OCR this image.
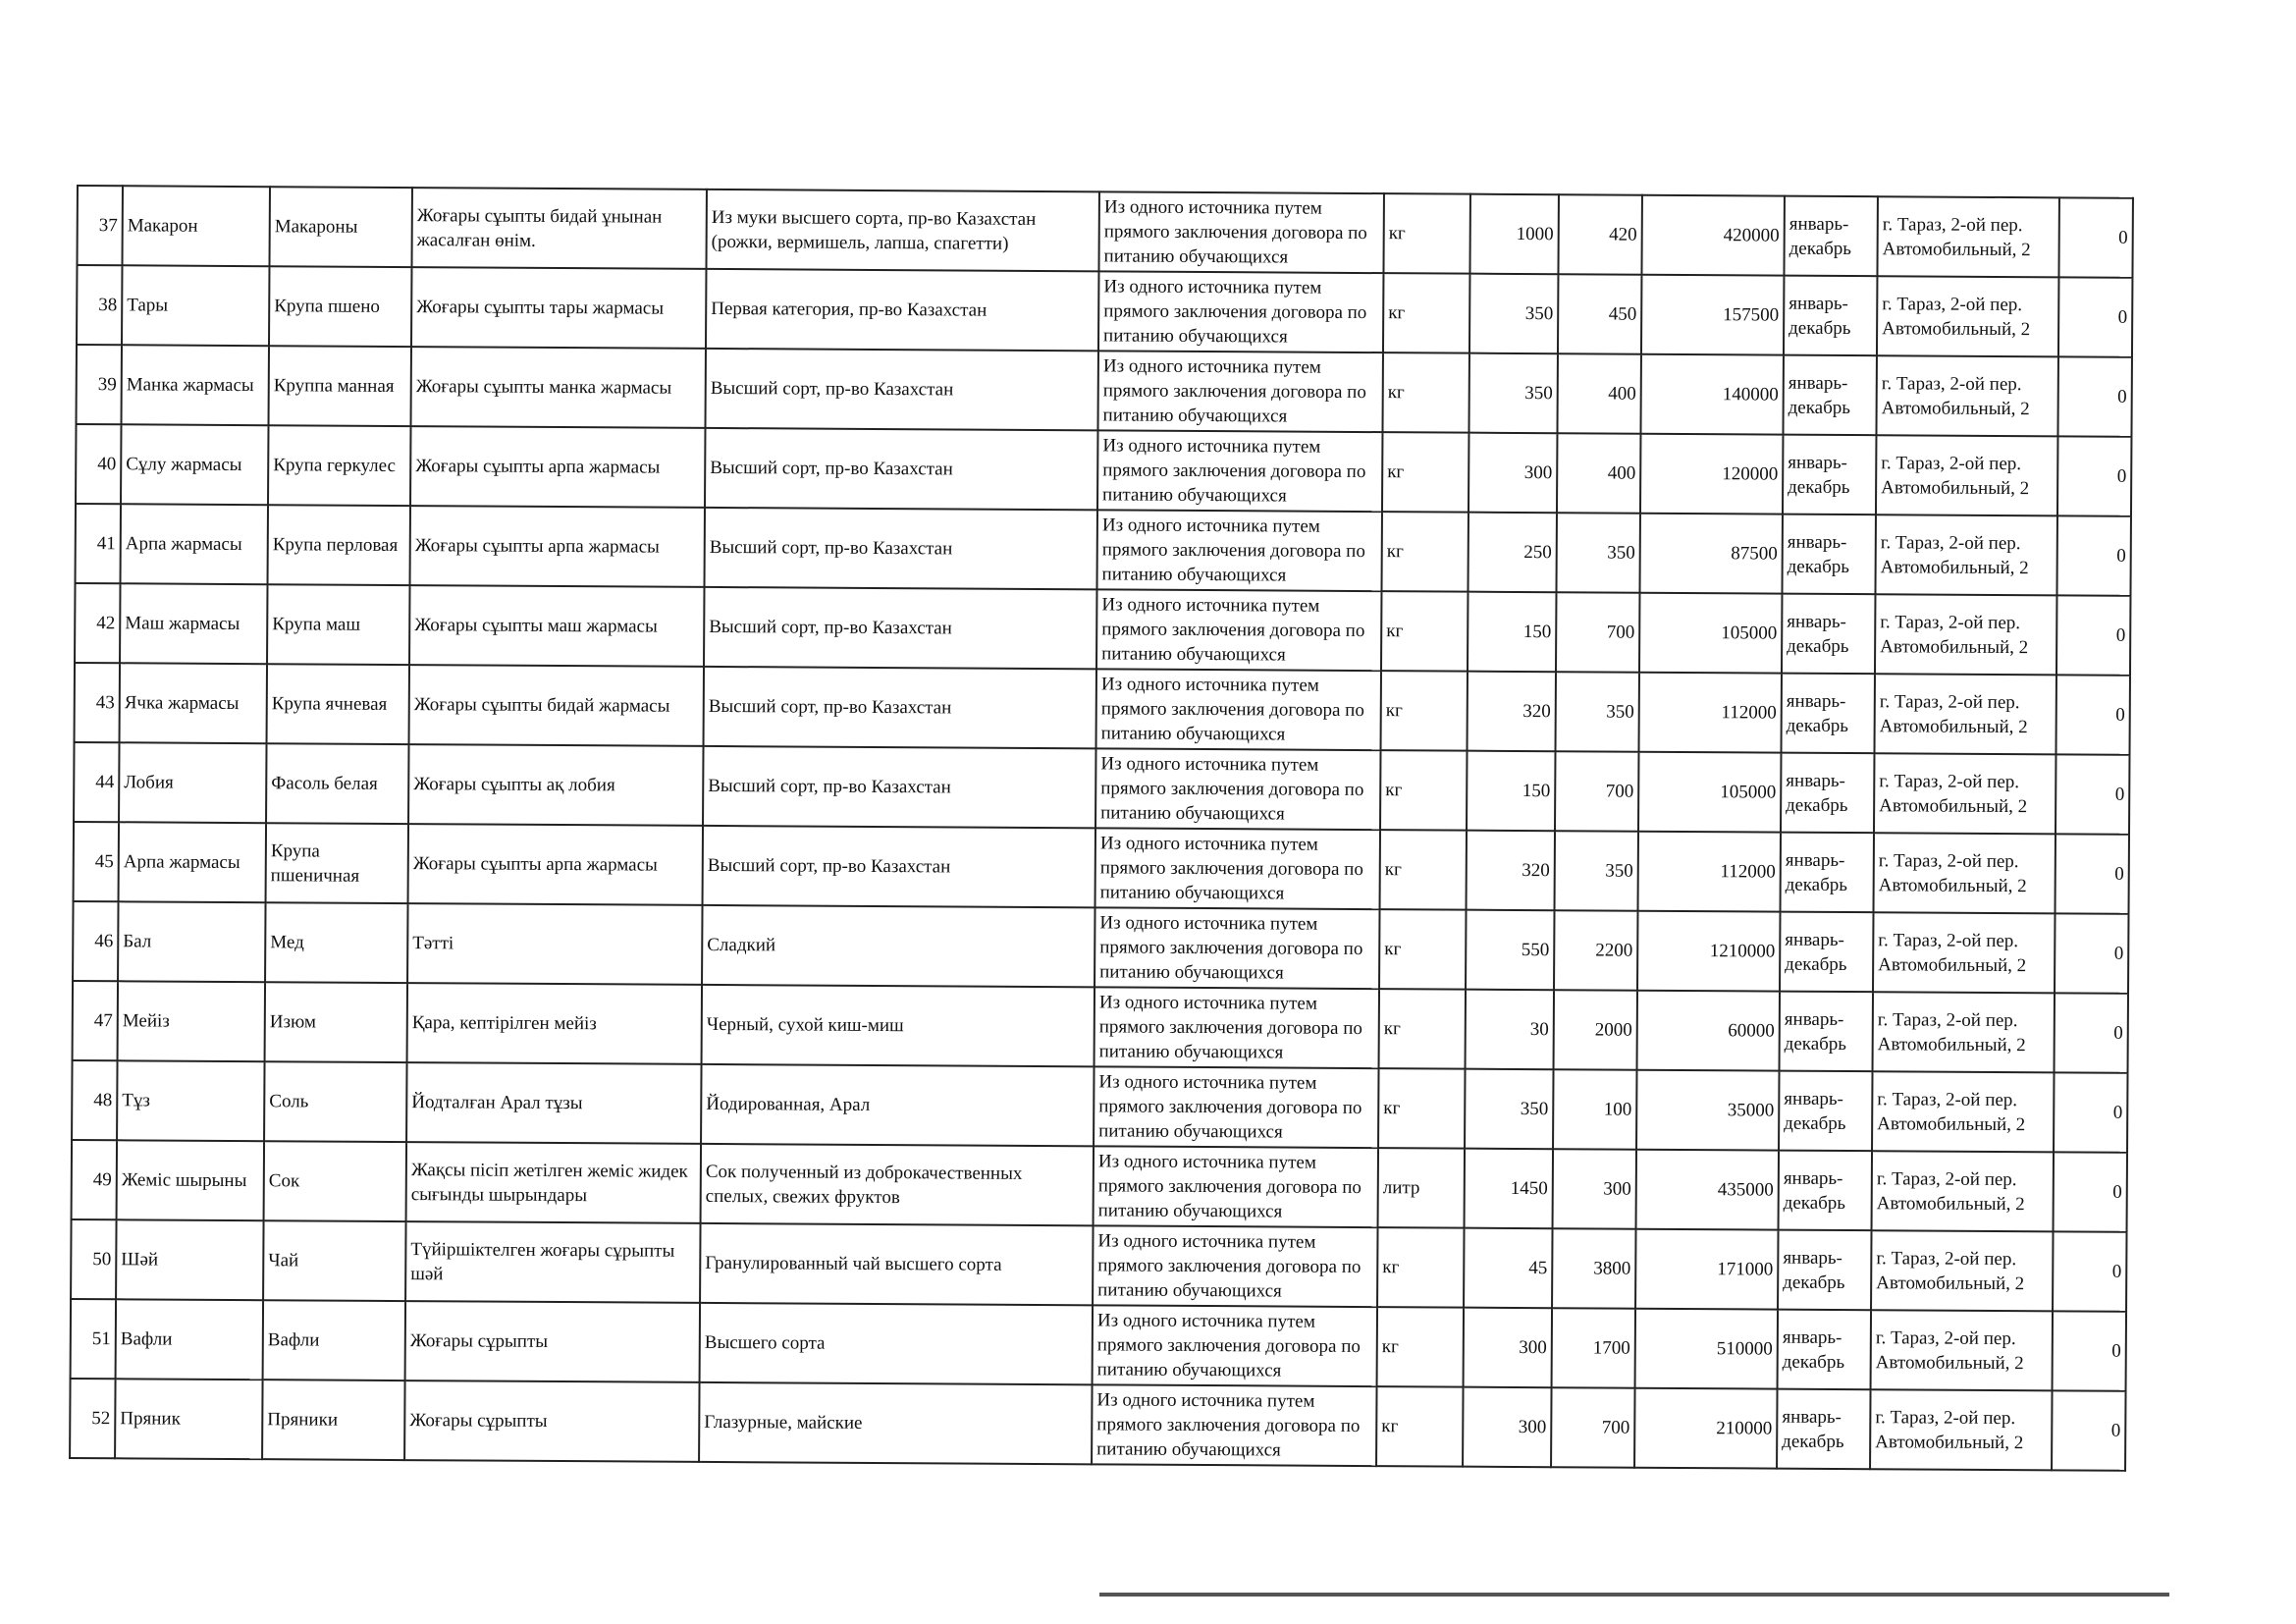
37	Макарон	Макароны	Жоғары сұыпты бидай ұнынан жасалған өнім.	Из муки высшего сорта, пр-во Казахстан (рожки, вермишель, лапша, спагетти)	Из одного источника путем прямого заключения договора по питанию обучающихся	кг	1000	420	420000	январь-декабрь	г. Тараз, 2-ой пер. Автомобильный, 2	0
38	Тары	Крупа пшено	Жоғары сұыпты тары жармасы	Первая категория, пр-во Казахстан	Из одного источника путем прямого заключения договора по питанию обучающихся	кг	350	450	157500	январь-декабрь	г. Тараз, 2-ой пер. Автомобильный, 2	0
39	Манка жармасы	Круппа манная	Жоғары сұыпты манка жармасы	Высший сорт, пр-во Казахстан	Из одного источника путем прямого заключения договора по питанию обучающихся	кг	350	400	140000	январь-декабрь	г. Тараз, 2-ой пер. Автомобильный, 2	0
40	Сұлу жармасы	Крупа геркулес	Жоғары сұыпты арпа жармасы	Высший сорт, пр-во Казахстан	Из одного источника путем прямого заключения договора по питанию обучающихся	кг	300	400	120000	январь-декабрь	г. Тараз, 2-ой пер. Автомобильный, 2	0
41	Арпа жармасы	Крупа перловая	Жоғары сұыпты арпа жармасы	Высший сорт, пр-во Казахстан	Из одного источника путем прямого заключения договора по питанию обучающихся	кг	250	350	87500	январь-декабрь	г. Тараз, 2-ой пер. Автомобильный, 2	0
42	Маш жармасы	Крупа маш	Жоғары сұыпты маш жармасы	Высший сорт, пр-во Казахстан	Из одного источника путем прямого заключения договора по питанию обучающихся	кг	150	700	105000	январь-декабрь	г. Тараз, 2-ой пер. Автомобильный, 2	0
43	Ячка жармасы	Крупа ячневая	Жоғары сұыпты бидай жармасы	Высший сорт, пр-во Казахстан	Из одного источника путем прямого заключения договора по питанию обучающихся	кг	320	350	112000	январь-декабрь	г. Тараз, 2-ой пер. Автомобильный, 2	0
44	Лобия	Фасоль белая	Жоғары сұыпты ақ лобия	Высший сорт, пр-во Казахстан	Из одного источника путем прямого заключения договора по питанию обучающихся	кг	150	700	105000	январь-декабрь	г. Тараз, 2-ой пер. Автомобильный, 2	0
45	Арпа жармасы	Крупа пшеничная	Жоғары сұыпты арпа жармасы	Высший сорт, пр-во Казахстан	Из одного источника путем прямого заключения договора по питанию обучающихся	кг	320	350	112000	январь-декабрь	г. Тараз, 2-ой пер. Автомобильный, 2	0
46	Бал	Мед	Тәтті	Сладкий	Из одного источника путем прямого заключения договора по питанию обучающихся	кг	550	2200	1210000	январь-декабрь	г. Тараз, 2-ой пер. Автомобильный, 2	0
47	Мейіз	Изюм	Қара, кептірілген мейіз	Черный, сухой киш-миш	Из одного источника путем прямого заключения договора по питанию обучающихся	кг	30	2000	60000	январь-декабрь	г. Тараз, 2-ой пер. Автомобильный, 2	0
48	Тұз	Соль	Йодталған Арал тұзы	Йодированная, Арал	Из одного источника путем прямого заключения договора по питанию обучающихся	кг	350	100	35000	январь-декабрь	г. Тараз, 2-ой пер. Автомобильный, 2	0
49	Жеміс шырыны	Сок	Жақсы пісіп жетілген жеміс жидек сығынды шырындары	Сок полученный из доброкачественных спелых, свежих фруктов	Из одного источника путем прямого заключения договора по питанию обучающихся	литр	1450	300	435000	январь-декабрь	г. Тараз, 2-ой пер. Автомобильный, 2	0
50	Шәй	Чай	Түйіршіктелген жоғары сұрыпты шәй	Гранулированный чай высшего сорта	Из одного источника путем прямого заключения договора по питанию обучающихся	кг	45	3800	171000	январь-декабрь	г. Тараз, 2-ой пер. Автомобильный, 2	0
51	Вафли	Вафли	Жоғары сұрыпты	Высшего сорта	Из одного источника путем прямого заключения договора по питанию обучающихся	кг	300	1700	510000	январь-декабрь	г. Тараз, 2-ой пер. Автомобильный, 2	0
52	Пряник	Пряники	Жоғары сұрыпты	Глазурные, майские	Из одного источника путем прямого заключения договора по питанию обучающихся	кг	300	700	210000	январь-декабрь	г. Тараз, 2-ой пер. Автомобильный, 2	0
